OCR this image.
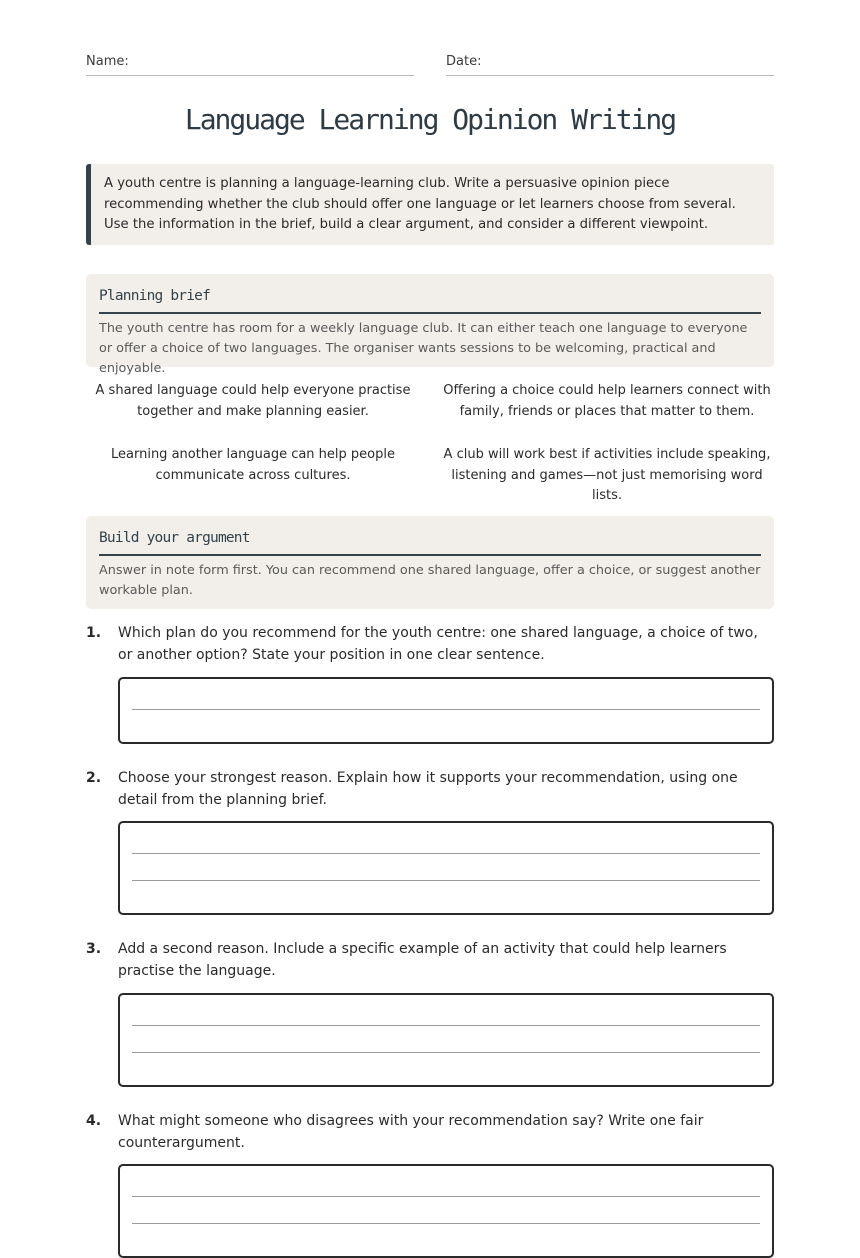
Name:	Date:
Language Learning Opinion Writing
A youth centre is planning a language-learning club. Write a persuasive opinion piece recommending whether the club should offer one language or let learners choose from several. Use the information in the brief, build a clear argument, and consider a different viewpoint.
Planning brief
The youth centre has room for a weekly language club. It can either teach one language to everyone or offer a choice of two languages. The organiser wants sessions to be welcoming, practical and enjoyable.
A shared language could help everyone practise together and make planning easier.
Offering a choice could help learners connect with family, friends or places that matter to them.
Learning another language can help people communicate across cultures.
A club will work best if activities include speaking, listening and games—not just memorising word lists.
Build your argument
Answer in note form first. You can recommend one shared language, offer a choice, or suggest another workable plan.
1. Which plan do you recommend for the youth centre: one shared language, a choice of two, or another option? State your position in one clear sentence.
2. Choose your strongest reason. Explain how it supports your recommendation, using one detail from the planning brief.
3. Add a second reason. Include a specific example of an activity that could help learners practise the language.
4. What might someone who disagrees with your recommendation say? Write one fair counterargument.
